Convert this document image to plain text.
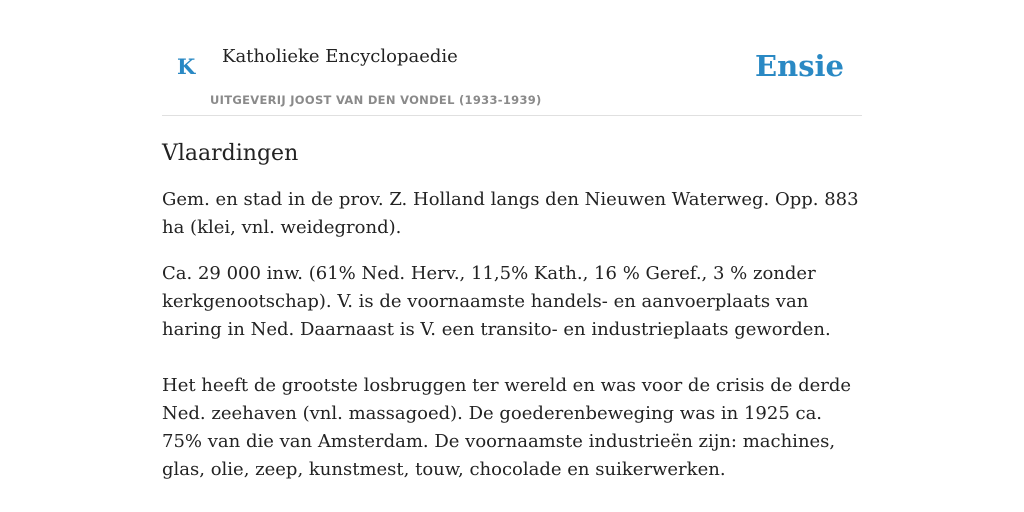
K Katholieke Encyclopaedie
UITGEVERIJ JOOST VAN DEN VONDEL (1933-1939)
Ensie
Vlaardingen

Gem. en stad in de prov. Z. Holland langs den Nieuwen Waterweg. Opp. 883 ha (klei, vnl. weidegrond).

Ca. 29 000 inw. (61% Ned. Herv., 11,5% Kath., 16 % Geref., 3 % zonder kerkgenootschap). V. is de voornaamste handels- en aanvoerplaats van haring in Ned. Daarnaast is V. een transito- en industrieplaats geworden.

Het heeft de grootste losbruggen ter wereld en was voor de crisis de derde Ned. zeehaven (vnl. massagoed). De goederenbeweging was in 1925 ca. 75% van die van Amsterdam. De voornaamste industrieën zijn: machines, glas, olie, zeep, kunstmest, touw, chocolade en suikerwerken.
